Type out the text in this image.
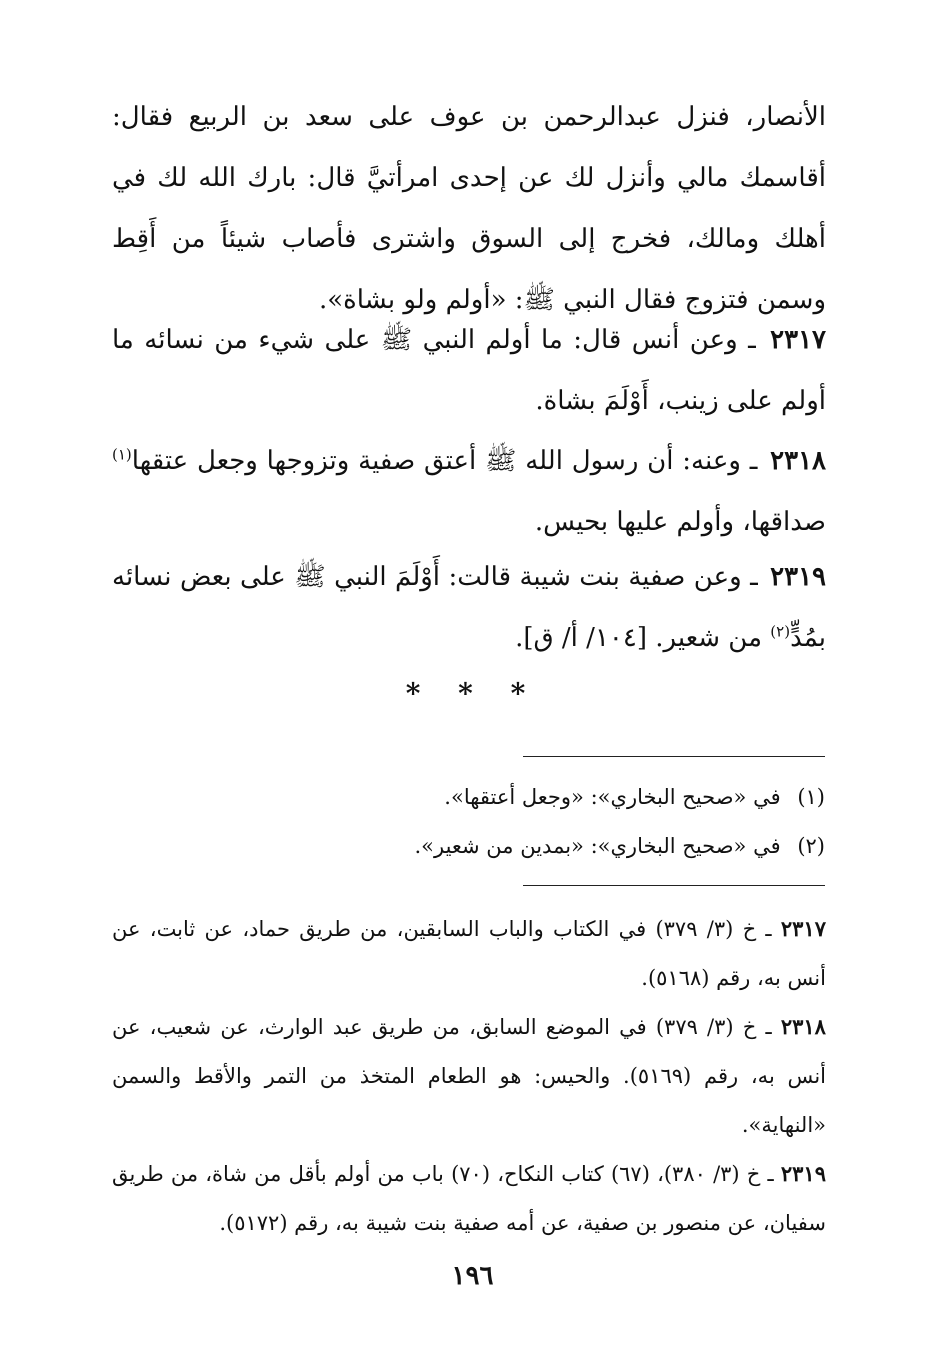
الأنصار، فنزل عبدالرحمن بن عوف على سعد بن الربيع فقال: أقاسمك مالي وأنزل لك عن إحدى امرأتيَّ قال: بارك الله لك في أهلك ومالك، فخرج إلى السوق واشترى فأصاب شيئاً من أَقِط وسمن فتزوج فقال النبي ﷺ: «أولم ولو بشاة».
٢٣١٧ ـ وعن أنس قال: ما أولم النبي ﷺ على شيء من نسائه ما أولم على زينب، أَوْلَمَ بشاة.
٢٣١٨ ـ وعنه: أن رسول الله ﷺ أعتق صفية وتزوجها وجعل عتقها$^{(١)}$ صداقها، وأولم عليها بحيس.
٢٣١٩ ـ وعن صفية بنت شيبة قالت: أَوْلَمَ النبي ﷺ على بعض نسائه بمُدٍّ$^{(٢)}$ من شعير. [١٠٤/ أ/ ق].
* * *
(١) في «صحيح البخاري»: «وجعل أعتقها».
(٢) في «صحيح البخاري»: «بمدين من شعير».
٢٣١٧ ـ خ (٣/ ٣٧٩) في الكتاب والباب السابقين، من طريق حماد، عن ثابت، عن أنس به، رقم (٥١٦٨).
٢٣١٨ ـ خ (٣/ ٣٧٩) في الموضع السابق، من طريق عبد الوارث، عن شعيب، عن أنس به، رقم (٥١٦٩). والحيس: هو الطعام المتخذ من التمر والأقط والسمن «النهاية».
٢٣١٩ ـ خ (٣/ ٣٨٠)، (٦٧) كتاب النكاح، (٧٠) باب من أولم بأقل من شاة، من طريق سفيان، عن منصور بن صفية، عن أمه صفية بنت شيبة به، رقم (٥١٧٢).
١٩٦
